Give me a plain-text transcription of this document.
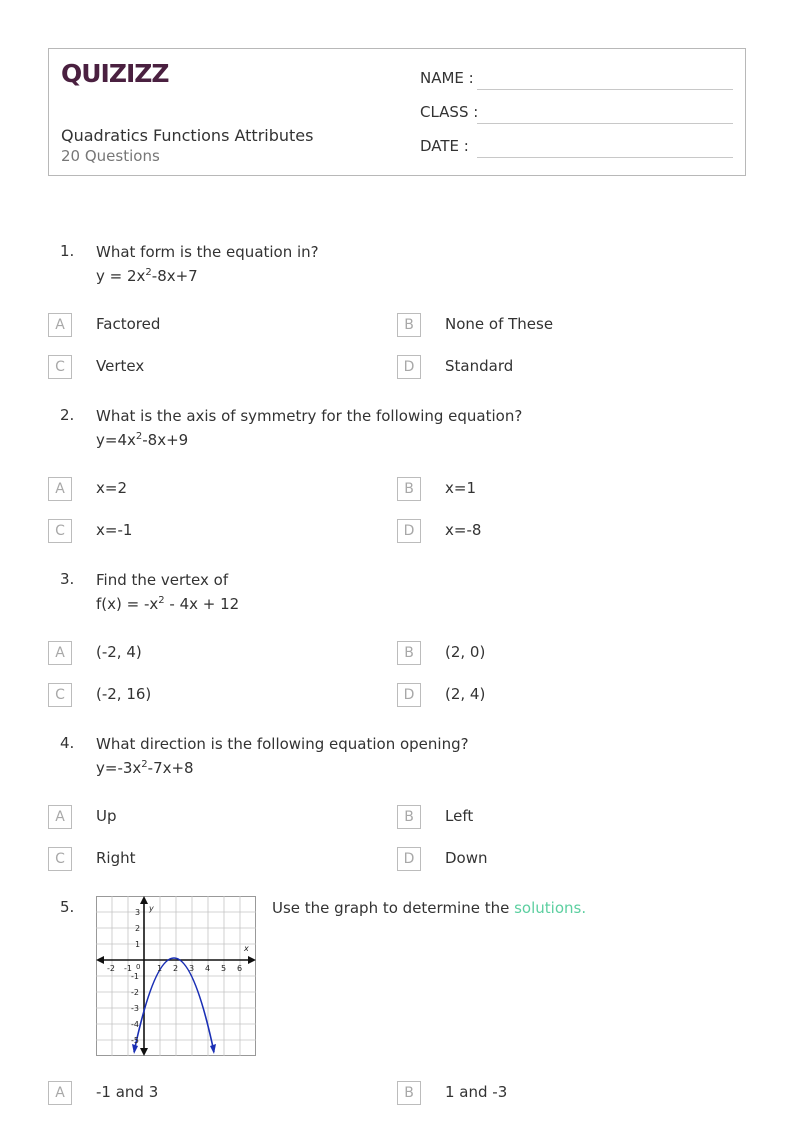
QUIZIZZ
Quadratics Functions Attributes
20 Questions
NAME :
CLASS :
DATE :
1. What form is the equation in?
$y = 2x^2-8x+7$
A	Factored	B	None of These
C	Vertex	D	Standard
2. What is the axis of symmetry for the following equation?
$y=4x^2-8x+9$
A	x=2	B	x=1
C	x=-1	D	x=-8
3. Find the vertex of
$f(x) = -x^2 - 4x + 12$
A	(-2, 4)	B	(2, 0)
C	(-2, 16)	D	(2, 4)
4. What direction is the following equation opening?
$y=-3x^2-7x+8$
A	Up	B	Left
C	Right	D	Down
5.	y
x
0
-2 -1	1 2 3 4 5 6
3
2
1
-1
-2
-3
-4
-5
Use the graph to determine the solutions.
A	-1 and 3	B	1 and -3
